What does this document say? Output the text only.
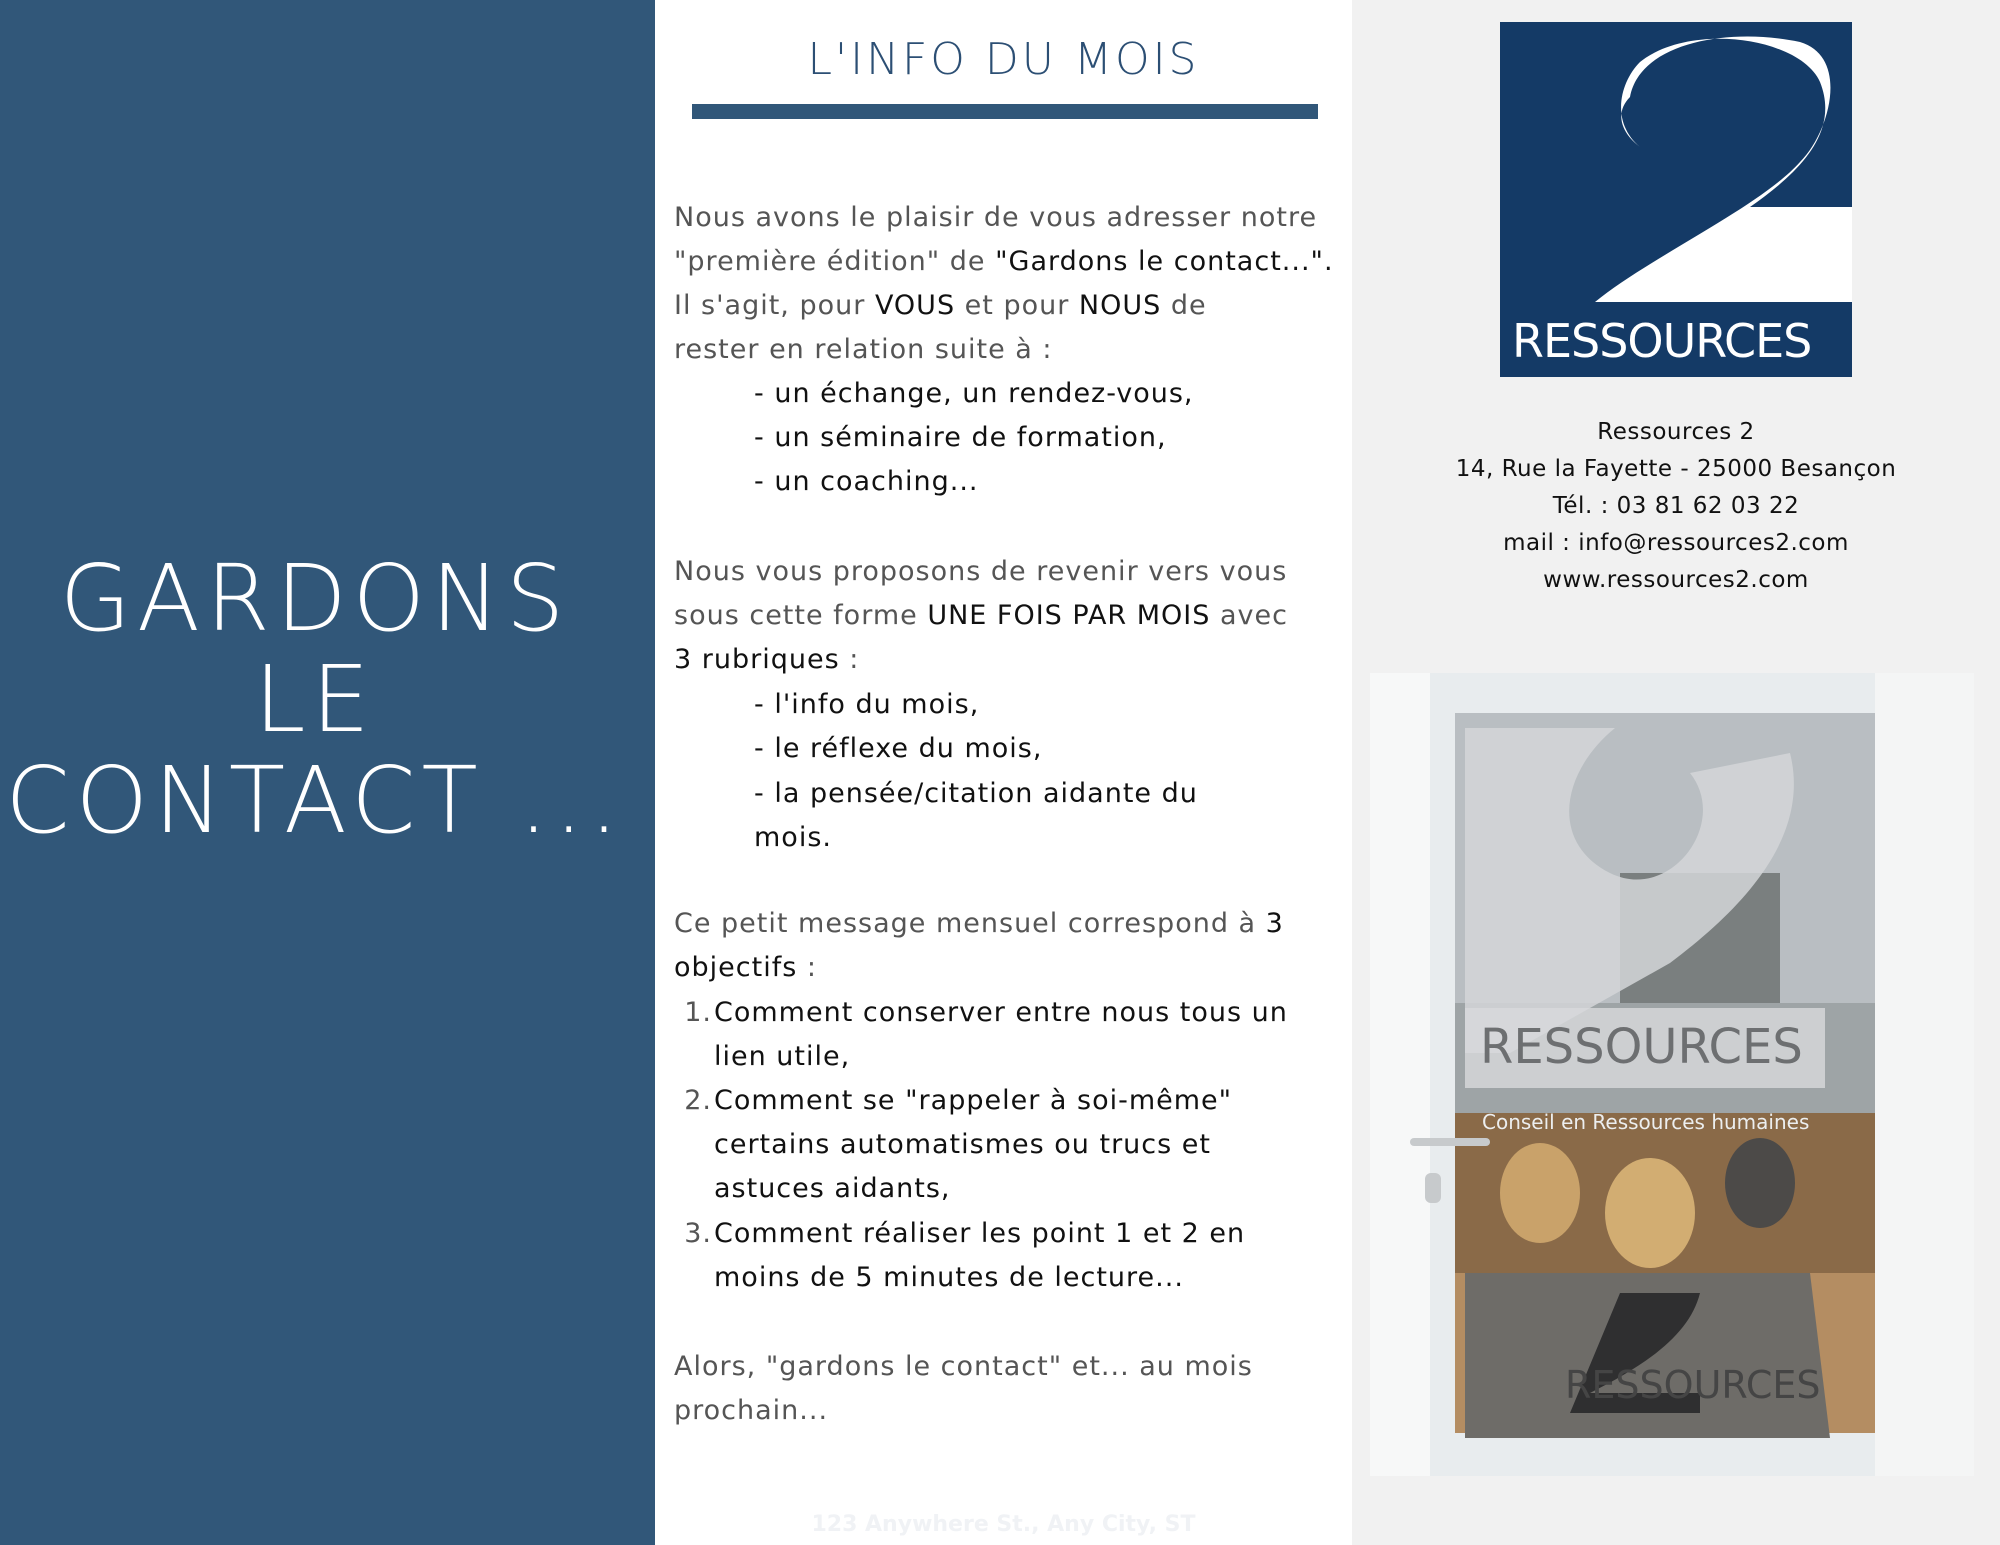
GARDONS
LE
CONTACT ...
L'INFO DU MOIS
Nous avons le plaisir de vous adresser notre
"première édition" de "Gardons le contact...".
Il s'agit, pour VOUS et pour NOUS de
rester en relation suite à :
- un échange, un rendez-vous,
- un séminaire de formation,
- un coaching...
Nous vous proposons de revenir vers vous
sous cette forme UNE FOIS PAR MOIS avec
3 rubriques :
- l'info du mois,
- le réflexe du mois,
- la pensée/citation aidante du
mois.
Ce petit message mensuel correspond à 3
objectifs :
1. Comment conserver entre nous tous un
lien utile,
2. Comment se "rappeler à soi-même"
certains automatismes ou trucs et
astuces aidants,
3. Comment réaliser les point 1 et 2 en
moins de 5 minutes de lecture...
Alors, "gardons le contact" et... au mois
prochain...
123 Anywhere St., Any City, ST
RESSOURCES
Ressources 2
14, Rue la Fayette - 25000 Besançon
Tél. : 03 81 62 03 22
mail : info@ressources2.com
www.ressources2.com
RESSOURCES
Conseil en Ressources humaines
RESSOURCES
